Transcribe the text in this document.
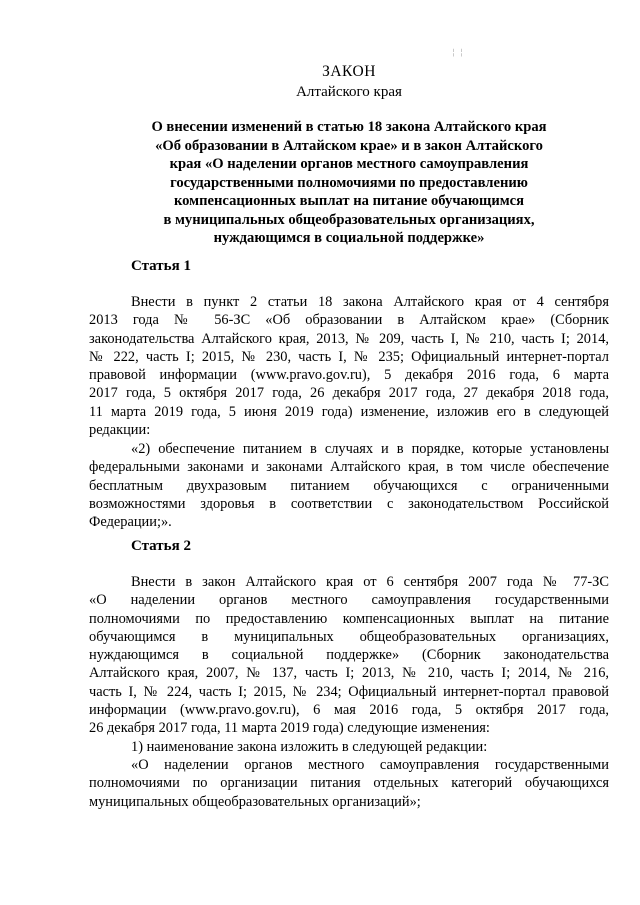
¦ ¦
ЗАКОН
Алтайского края
О внесении изменений в статью 18 закона Алтайского края
«Об образовании в Алтайском крае» и в закон Алтайского
края «О наделении органов местного самоуправления
государственными полномочиями по предоставлению
компенсационных выплат на питание обучающимся
в муниципальных общеобразовательных организациях,
нуждающимся в социальной поддержке»
Статья 1
Внести в пункт 2 статьи 18 закона Алтайского края от 4 сентября
2013 года № 56-ЗС «Об образовании в Алтайском крае» (Сборник
законодательства Алтайского края, 2013, № 209, часть I, № 210, часть I; 2014,
№ 222, часть I; 2015, № 230, часть I, № 235; Официальный интернет-портал
правовой информации (www.pravo.gov.ru), 5 декабря 2016 года, 6 марта
2017 года, 5 октября 2017 года, 26 декабря 2017 года, 27 декабря 2018 года,
11 марта 2019 года, 5 июня 2019 года) изменение, изложив его в следующей
редакции:
«2) обеспечение питанием в случаях и в порядке, которые установлены
федеральными законами и законами Алтайского края, в том числе обеспечение
бесплатным двухразовым питанием обучающихся с ограниченными
возможностями здоровья в соответствии с законодательством Российской
Федерации;».
Статья 2
Внести в закон Алтайского края от 6 сентября 2007 года № 77-ЗС
«О наделении органов местного самоуправления государственными
полномочиями по предоставлению компенсационных выплат на питание
обучающимся в муниципальных общеобразовательных организациях,
нуждающимся в социальной поддержке» (Сборник законодательства
Алтайского края, 2007, № 137, часть I; 2013, № 210, часть I; 2014, № 216,
часть I, № 224, часть I; 2015, № 234; Официальный интернет-портал правовой
информации (www.pravo.gov.ru), 6 мая 2016 года, 5 октября 2017 года,
26 декабря 2017 года, 11 марта 2019 года) следующие изменения:
1) наименование закона изложить в следующей редакции:
«О наделении органов местного самоуправления государственными
полномочиями по организации питания отдельных категорий обучающихся
муниципальных общеобразовательных организаций»;
